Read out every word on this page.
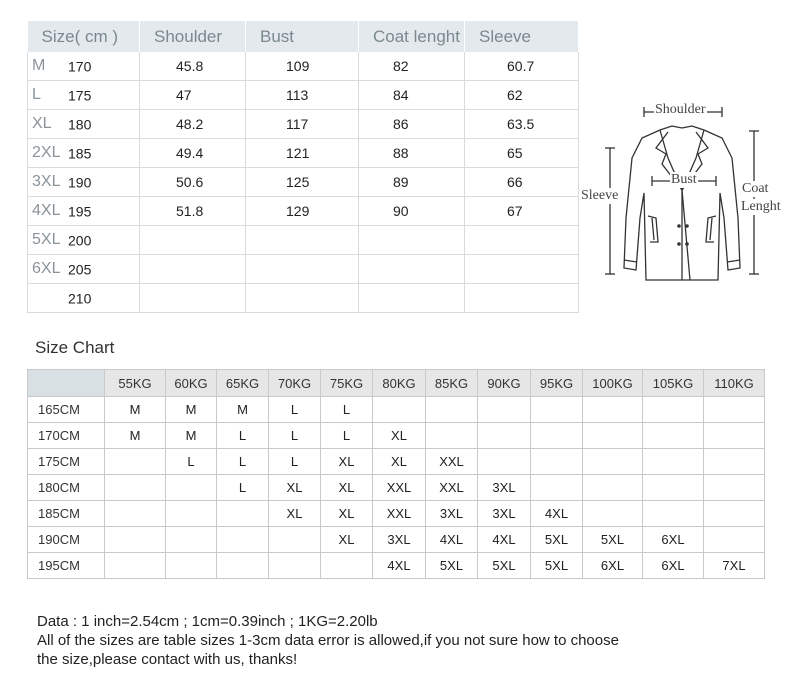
Size( cm )	Shoulder	Bust	Coat lenght	Sleeve
M 170	45.8	109	82	60.7
L 175	47	113	84	62
XL 180	48.2	117	86	63.5
2XL 185	49.4	121	88	65
3XL 190	50.6	125	89	66
4XL 195	51.8	129	90	67
5XL 200				
6XL 205				
210				
Shoulder
Bust
Sleeve	Coat
Lenght
Size Chart
	55KG	60KG	65KG	70KG	75KG	80KG	85KG	90KG	95KG	100KG	105KG	110KG
165CM	M	M	M	L	L							
170CM	M	M	L	L	L	XL						
175CM		L	L	L	XL	XL	XXL					
180CM			L	XL	XL	XXL	XXL	3XL				
185CM				XL	XL	XXL	3XL	3XL	4XL			
190CM					XL	3XL	4XL	4XL	5XL	5XL	6XL	
195CM						4XL	5XL	5XL	5XL	6XL	6XL	7XL
Data : 1 inch=2.54cm ; 1cm=0.39inch ; 1KG=2.20lb
All of the sizes are table sizes 1-3cm data error is allowed,if you not sure how to choose
the size,please contact with us, thanks!
